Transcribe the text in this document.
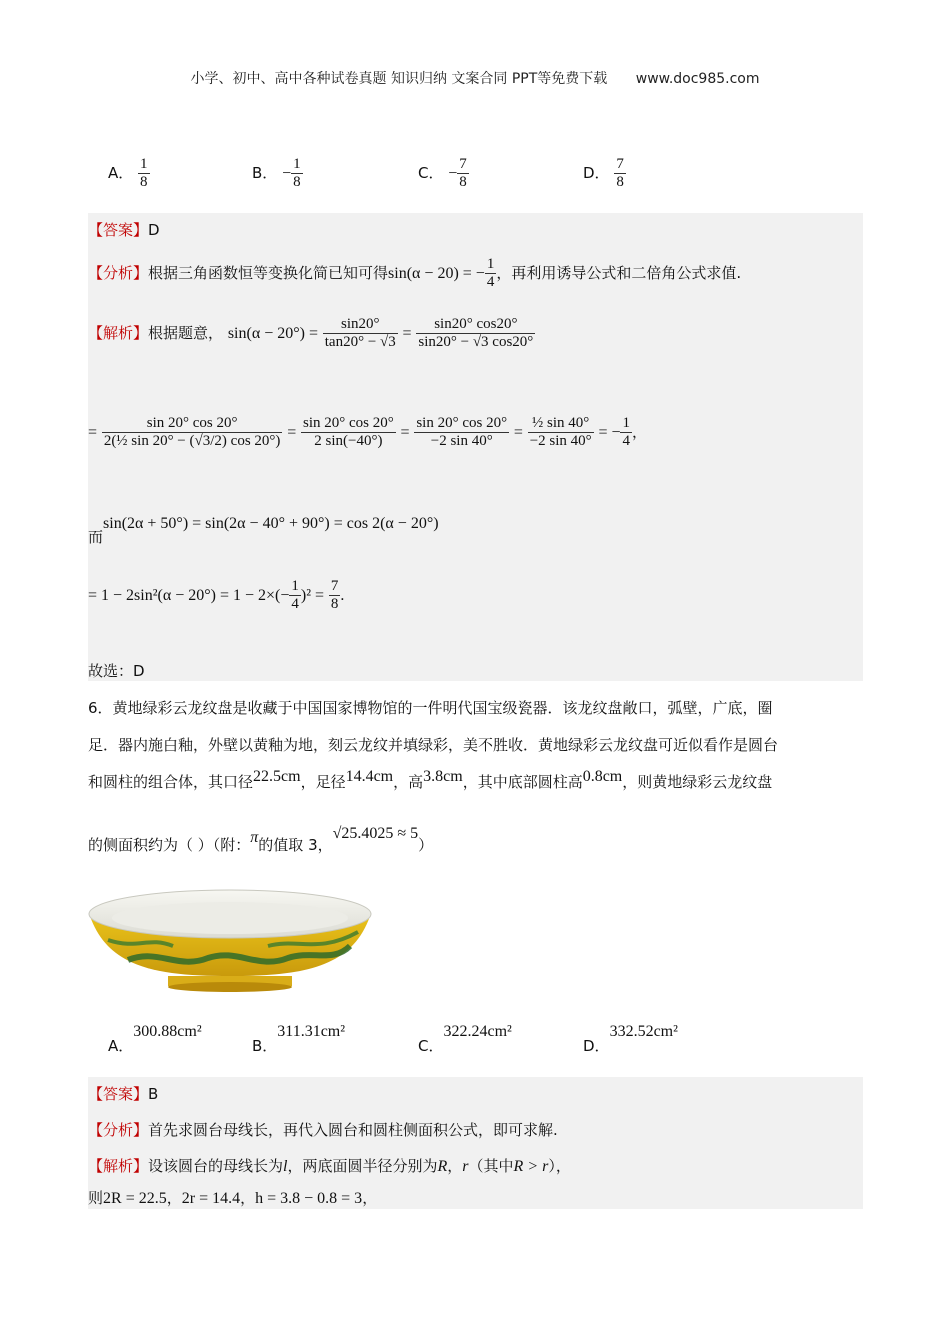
小学、初中、高中各种试卷真题 知识归纳 文案合同 PPT等免费下载 www.doc985.com
A． $\frac{1}{8}$	B． − $\frac{1}{8}$	C． − $\frac{7}{8}$	D． $\frac{7}{8}$
【答案】D
【分析】根据三角函数恒等变换化简已知可得sin(α − 20) = − $\frac{1}{4}$ ，再利用诱导公式和二倍角公式求值.
【解析】根据题意， $\sin(\alpha - 20^\circ) = \frac{\sin 20^\circ}{\tan 20^\circ - √3} = \frac{\sin 20^\circ \cos 20^\circ}{\sin 20^\circ - √3 \cos 20^\circ}$
= $\frac{\sin 20^\circ \cos 20^\circ}{\text{2(½ sin 20° − (√3/2) cos 20°)}} = \frac{\sin 20^\circ \cos 20^\circ}{2 \sin(-40^\circ)} = \frac{\sin 20^\circ \cos 20^\circ}{-2 \sin 40^\circ} = \frac{\text{½ sin 40°}}{-2 \sin 40^\circ}$ = − $\frac{1}{4}$ ，
而sin(2α + 50°) = sin(2α − 40° + 90°) = cos 2(α − 20°)
= $1 - 2\sin^2(\alpha - 20^\circ) = 1 - 2\times(- \frac{1}{4} )^2 = \frac{7}{8}$ .
故选：D
6．黄地绿彩云龙纹盘是收藏于中国国家博物馆的一件明代国宝级瓷器．该龙纹盘敞口，弧壁，广底，圈
足．器内施白釉，外壁以黄釉为地，刻云龙纹并填绿彩，美不胜收．黄地绿彩云龙纹盘可近似看作是圆台
和圆柱的组合体，其口径22.5cm，足径14.4cm，高3.8cm，其中底部圆柱高0.8cm，则黄地绿彩云龙纹盘
的侧面积约为（ ）（附：π的值取 3，√25.4025 ≈ 5）
A．300.88cm²
B．311.31cm²
C．322.24cm²
D．332.52cm²
【答案】B
【分析】首先求圆台母线长，再代入圆台和圆柱侧面积公式，即可求解.
【解析】设该圆台的母线长为l，两底面圆半径分别为R，r（其中R > r），
则2R = 22.5，2r = 14.4，h = 3.8 − 0.8 = 3，
